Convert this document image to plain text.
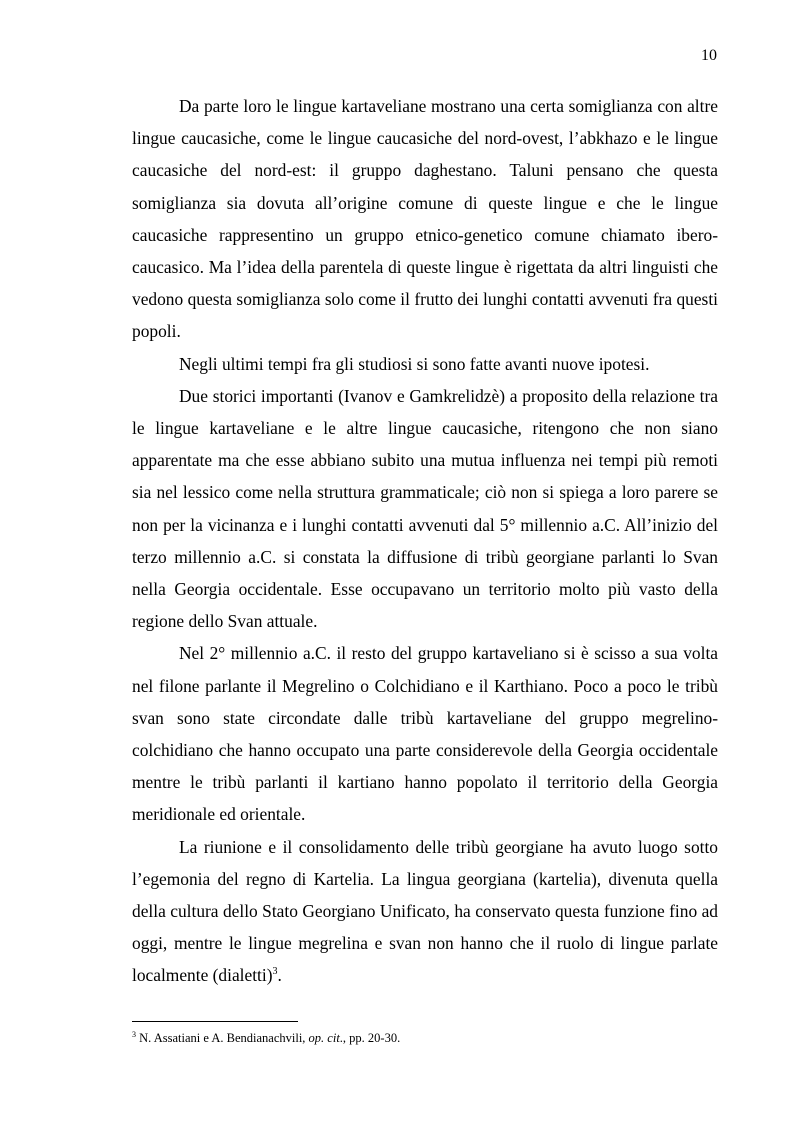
10

Da parte loro le lingue kartaveliane mostrano una certa somiglianza con altre lingue caucasiche, come le lingue caucasiche del nord-ovest, l’abkhazo e le lingue caucasiche del nord-est: il gruppo daghestano. Taluni pensano che questa somiglianza sia dovuta all’origine comune di queste lingue e che le lingue caucasiche rappresentino un gruppo etnico-genetico comune chiamato ibero-caucasico. Ma l’idea della parentela di queste lingue è rigettata da altri linguisti che vedono questa somiglianza solo come il frutto dei lunghi contatti avvenuti fra questi popoli.

Negli ultimi tempi fra gli studiosi si sono fatte avanti nuove ipotesi.

Due storici importanti (Ivanov e Gamkrelidzè) a proposito della relazione tra le lingue kartaveliane e le altre lingue caucasiche, ritengono che non siano apparentate ma che esse abbiano subito una mutua influenza nei tempi più remoti sia nel lessico come nella struttura grammaticale; ciò non si spiega a loro parere se non per la vicinanza e i lunghi contatti avvenuti dal 5° millennio a.C. All’inizio del terzo millennio a.C. si constata la diffusione di tribù georgiane parlanti lo Svan nella Georgia occidentale. Esse occupavano un territorio molto più vasto della regione dello Svan attuale.

Nel 2° millennio a.C. il resto del gruppo kartaveliano si è scisso a sua volta nel filone parlante il Megrelino o Colchidiano e il Karthiano. Poco a poco le tribù svan sono state circondate dalle tribù kartaveliane del gruppo megrelino-colchidiano che hanno occupato una parte considerevole della Georgia occidentale mentre le tribù parlanti il kartiano hanno popolato il territorio della Georgia meridionale ed orientale.

La riunione e il consolidamento delle tribù georgiane ha avuto luogo sotto l’egemonia del regno di Kartelia. La lingua georgiana (kartelia), divenuta quella della cultura dello Stato Georgiano Unificato, ha conservato questa funzione fino ad oggi, mentre le lingue megrelina e svan non hanno che il ruolo di lingue parlate localmente (dialetti)$^3$.

$^3$ N. Assatiani e A. Bendianachvili, op. cit., pp. 20-30.
